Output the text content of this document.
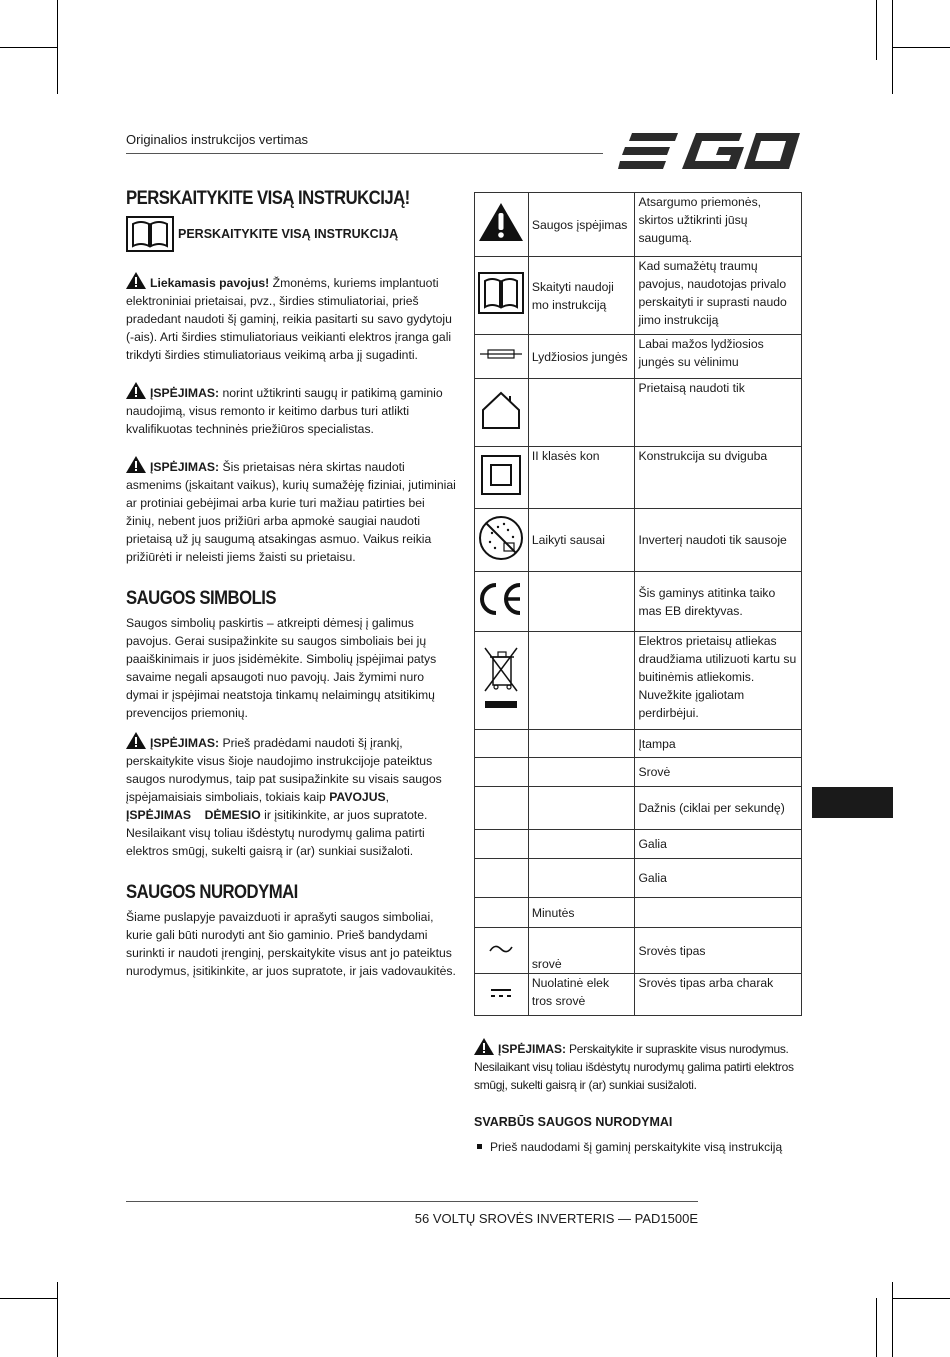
Originalios instrukcijos vertimas
PERSKAITYKITE VISĄ INSTRUKCIJĄ!
PERSKAITYKITE VISĄ INSTRUKCIJĄ

Liekamasis pavojus! Žmonėms, kuriems implantuoti elektroniniai prietaisai, pvz., širdies stimuliatoriai, prieš pradedant naudoti šį gaminį, reikia pasitarti su savo gydytoju (-ais). Arti širdies stimuliatoriaus veikianti elektros įranga gali trikdyti širdies stimuliatoriaus veikimą arba jį sugadinti.

ĮSPĖJIMAS: norint užtikrinti saugų ir patikimą gaminio naudojimą, visus remonto ir keitimo darbus turi atlikti kvalifikuotas techninės priežiūros specialistas.

ĮSPĖJIMAS: Šis prietaisas nėra skirtas naudoti asmenims (įskaitant vaikus), kurių sumažėję fiziniai, jutiminiai ar protiniai gebėjimai arba kurie turi mažiau patirties bei žinių, nebent juos prižiūri arba apmokė saugiai naudoti prietaisą už jų saugumą atsakingas asmuo. Vaikus reikia prižiūrėti ir neleisti jiems žaisti su prietaisu.

SAUGOS SIMBOLIS

Saugos simbolių paskirtis – atkreipti dėmesį į galimus pavojus. Gerai susipažinkite su saugos simboliais bei jų paaiškinimais ir juos įsidėmėkite. Simbolių įspėjimai patys savaime negali apsaugoti nuo pavojų. Jais žymimi nuro dymai ir įspėjimai neatstoja tinkamų nelaimingų atsitikimų prevencijos priemonių.

ĮSPĖJIMAS: Prieš pradėdami naudoti šį įrankį, perskaitykite visus šioje naudojimo instrukcijoje pateiktus saugos nurodymus, taip pat susipažinkite su visais saugos įspėjamaisiais simboliais, tokiais kaip PAVOJUS, ĮSPĖJIMAS    DĖMESIO ir įsitikinkite, ar juos supratote. Nesilaikant visų toliau išdėstytų nurodymų galima patirti elektros smūgį, sukelti gaisrą ir (ar) sunkiai susižaloti.

SAUGOS NURODYMAI

Šiame puslapyje pavaizduoti ir aprašyti saugos simboliai, kurie gali būti nurodyti ant šio gaminio. Prieš bandydami surinkti ir naudoti įrenginį, perskaitykite visus ant jo pateiktus nurodymus, įsitikinkite, ar juos supratote, ir jais vadovaukitės.

	Saugos įspėjimas	Atsargumo priemonės, skirtos užtikrinti jūsų saugumą.
	Skaityti naudoji mo instrukciją	Kad sumažėtų traumų pavojus, naudotojas privalo perskaityti ir suprasti naudo jimo instrukciją
	Lydžiosios jungės	Labai mažos lydžiosios jungės su vėlinimu
		Prietaisą naudoti tik
	II klasės kon	Konstrukcija su dviguba
	Laikyti sausai	Inverterį naudoti tik sausoje
		Šis gaminys atitinka taiko mas EB direktyvas.
		Elektros prietaisų atliekas draudžiama utilizuoti kartu su buitinėmis atliekomis. Nuvežkite įgaliotam perdirbėjui.
		Įtampa
		Srovė
		Dažnis (ciklai per sekundę)
		Galia
		Galia
	Minutės	
	srovė	Srovės tipas
	Nuolatinė elek tros srovė	Srovės tipas arba charak
ĮSPĖJIMAS: Perskaitykite ir supraskite visus nurodymus. Nesilaikant visų toliau išdėstytų nurodymų galima patirti elektros smūgį, sukelti gaisrą ir (ar) sunkiai susižaloti.
SVARBŪS SAUGOS NURODYMAI
Prieš naudodami šį gaminį perskaitykite visą instrukciją
56 VOLTŲ SROVĖS INVERTERIS — PAD1500E
